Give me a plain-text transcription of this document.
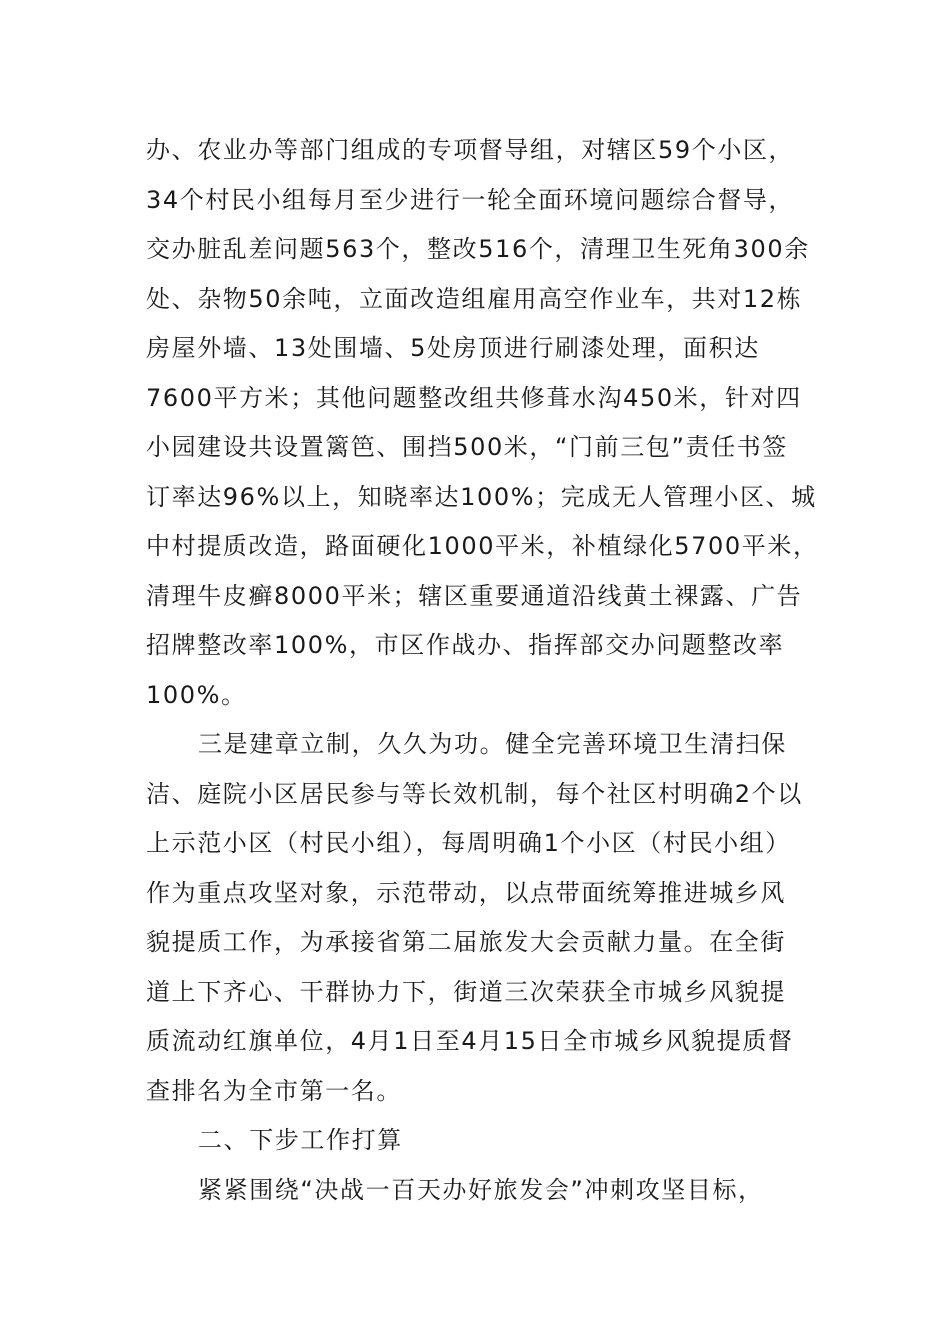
办、农业办等部门组成的专项督导组，对辖区59个小区，
34个村民小组每月至少进行一轮全面环境问题综合督导，
交办脏乱差问题563个，整改516个，清理卫生死角300余
处、杂物50余吨，立面改造组雇用高空作业车，共对12栋
房屋外墙、13处围墙、5处房顶进行刷漆处理，面积达
7600平方米；其他问题整改组共修葺水沟450米，针对四
小园建设共设置篱笆、围挡500米，“门前三包”责任书签
订率达96%以上，知晓率达100%；完成无人管理小区、城
中村提质改造，路面硬化1000平米，补植绿化5700平米，
清理牛皮癣8000平米；辖区重要通道沿线黄土裸露、广告
招牌整改率100%，市区作战办、指挥部交办问题整改率
100%。
三是建章立制，久久为功。健全完善环境卫生清扫保
洁、庭院小区居民参与等长效机制，每个社区村明确2个以
上示范小区（村民小组），每周明确1个小区（村民小组）
作为重点攻坚对象，示范带动，以点带面统筹推进城乡风
貌提质工作，为承接省第二届旅发大会贡献力量。在全街
道上下齐心、干群协力下，街道三次荣获全市城乡风貌提
质流动红旗单位，4月1日至4月15日全市城乡风貌提质督
查排名为全市第一名。
二、下步工作打算
紧紧围绕“决战一百天办好旅发会”冲刺攻坚目标，
